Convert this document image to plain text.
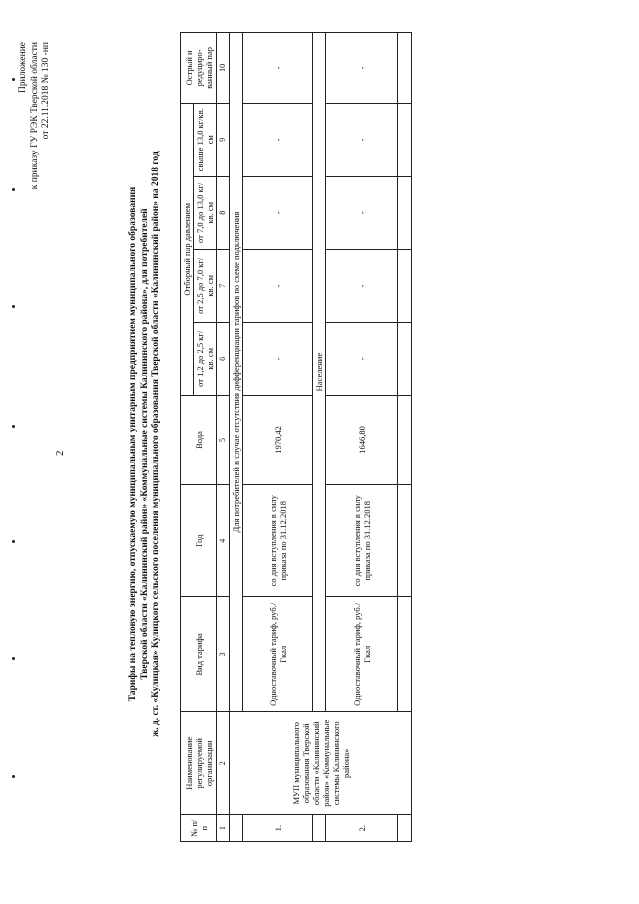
Приложение к приказу ГУ РЭК Тверской области от 22.11.2018 № 130 -нп
2	Тарифы на тепловую энергию, отпускаемую муниципальным унитарным предприятием муниципального образования Тверской области «Калининский район» «Коммунальные системы Калининского района», для потребителей ж. д. ст. «Кулицкая» Кулицкого сельского поселения муниципального образования Тверской области «Калининский район» на 2018 год
№ п/п	Наименование регулируемой организации	Вид тарифа	Год	Вода	Отборный пар давлением				Острый и редуциро-ванный пар
					от 1,2 до 2,5 кг/кв. см	от 2,5 до 7,0 кг/кв. см	от 7,0 до 13,0 кг/кв. см	свыше 13,0 кг/кв. см	
1	2	3	4	5	6	7	8	9	10
	МУП муниципального образования Тверской области «Калининский район» «Коммунальные системы Калининского района»	Для потребителей в случае отсутствия дифференциации тарифов по схеме подключения							
1.		Одноставочный тариф, руб./Гкал	со дня вступления в силу приказа по 31.12.2018	1970,42	-	-	-	-	-
		Население							
2.		Одноставочный тариф, руб./Гкал	со дня вступления в силу приказа по 31.12.2018	1646,80	-	-	-	-	-
